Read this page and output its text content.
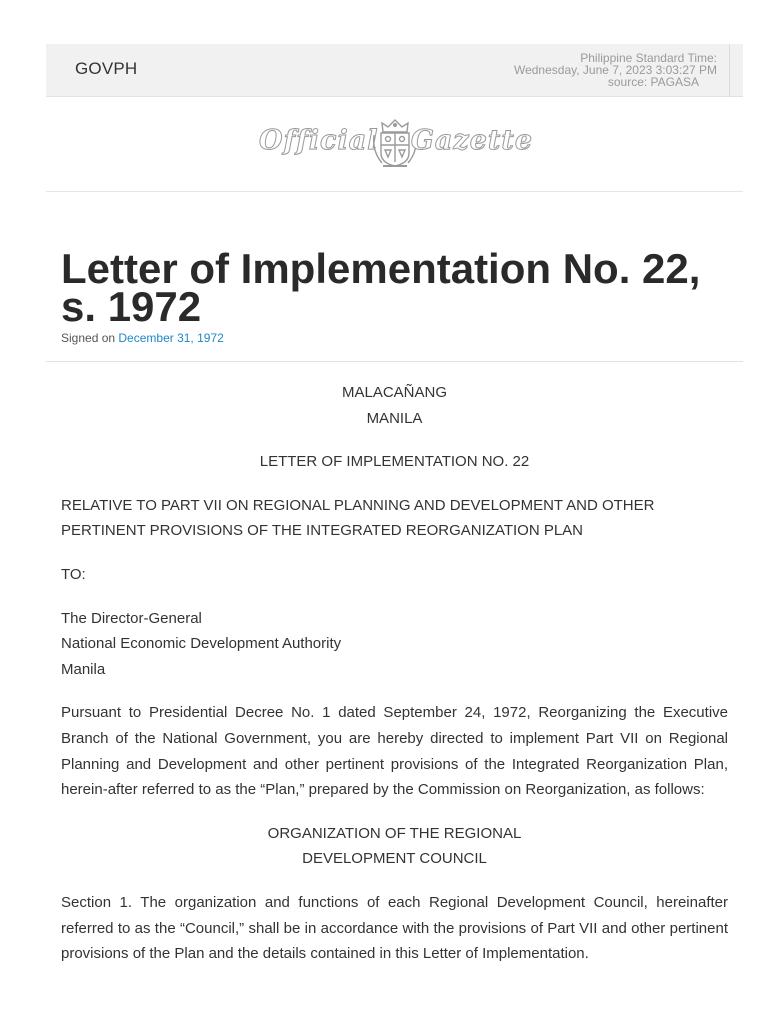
GOVPH
Philippine Standard Time:
Wednesday, June 7, 2023 3:03:27 PM
source: PAGASA
Official Gazette
Letter of Implementation No. 22, s. 1972
Signed on December 31, 1972

MALACAÑANG
MANILA

LETTER OF IMPLEMENTATION NO. 22

RELATIVE TO PART VII ON REGIONAL PLANNING AND DEVELOPMENT AND OTHER PERTINENT PROVISIONS OF THE INTEGRATED REORGANIZATION PLAN

TO:

The Director-General
National Economic Development Authority
Manila

Pursuant to Presidential Decree No. 1 dated September 24, 1972, Reorganizing the Executive Branch of the National Government, you are hereby directed to implement Part VII on Regional Planning and Development and other pertinent provisions of the Integrated Reorganization Plan, herein-after referred to as the “Plan,” prepared by the Commission on Reorganization, as follows:

ORGANIZATION OF THE REGIONAL
DEVELOPMENT COUNCIL

Section 1. The organization and functions of each Regional Development Council, hereinafter referred to as the “Council,” shall be in accordance with the provisions of Part VII and other pertinent provisions of the Plan and the details contained in this Letter of Implementation.
